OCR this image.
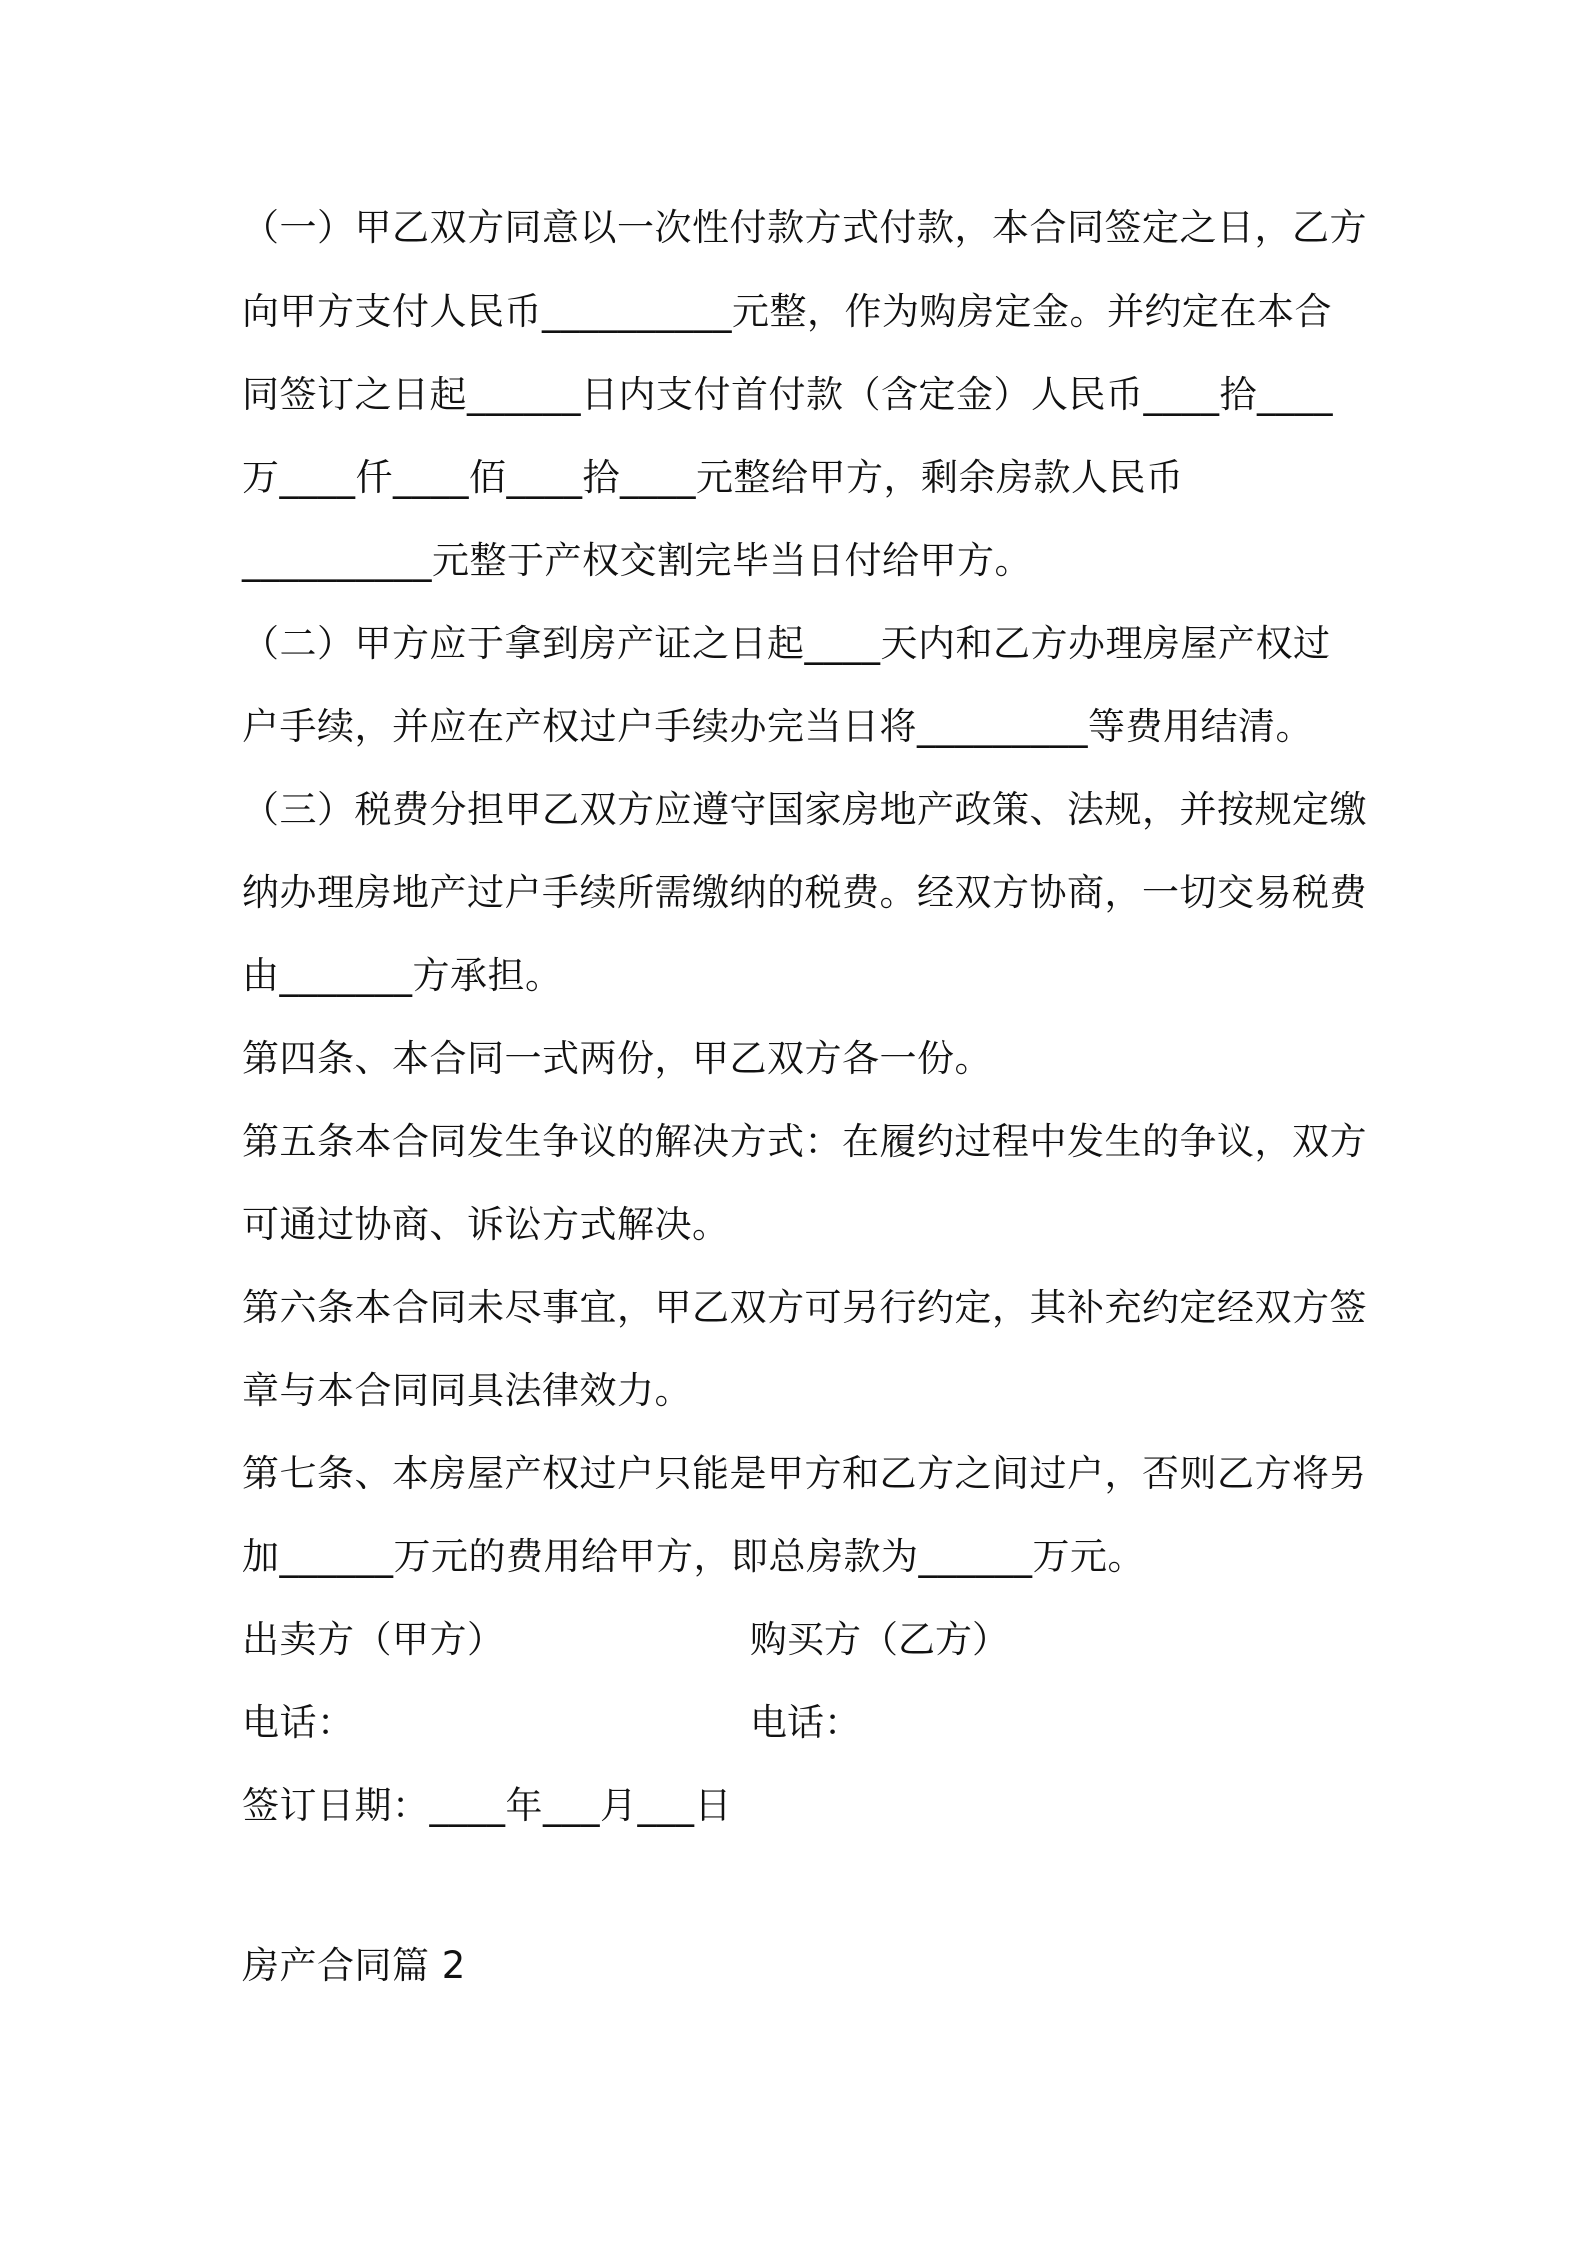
（一）甲乙双方同意以一次性付款方式付款，本合同签定之日，乙方
向甲方支付人民币__________元整，作为购房定金。并约定在本合
同签订之日起______日内支付首付款（含定金）人民币____拾____
万____仟____佰____拾____元整给甲方，剩余房款人民币
__________元整于产权交割完毕当日付给甲方。
（二）甲方应于拿到房产证之日起____天内和乙方办理房屋产权过
户手续，并应在产权过户手续办完当日将_________等费用结清。
（三）税费分担甲乙双方应遵守国家房地产政策、法规，并按规定缴
纳办理房地产过户手续所需缴纳的税费。经双方协商，一切交易税费
由_______方承担。
第四条、本合同一式两份，甲乙双方各一份。
第五条本合同发生争议的解决方式：在履约过程中发生的争议，双方
可通过协商、诉讼方式解决。
第六条本合同未尽事宜，甲乙双方可另行约定，其补充约定经双方签
章与本合同同具法律效力。
第七条、本房屋产权过户只能是甲方和乙方之间过户，否则乙方将另
加______万元的费用给甲方，即总房款为______万元。
出卖方（甲方）	购买方（乙方）
电话：	电话：
签订日期：____年___月___日
房产合同篇 2
